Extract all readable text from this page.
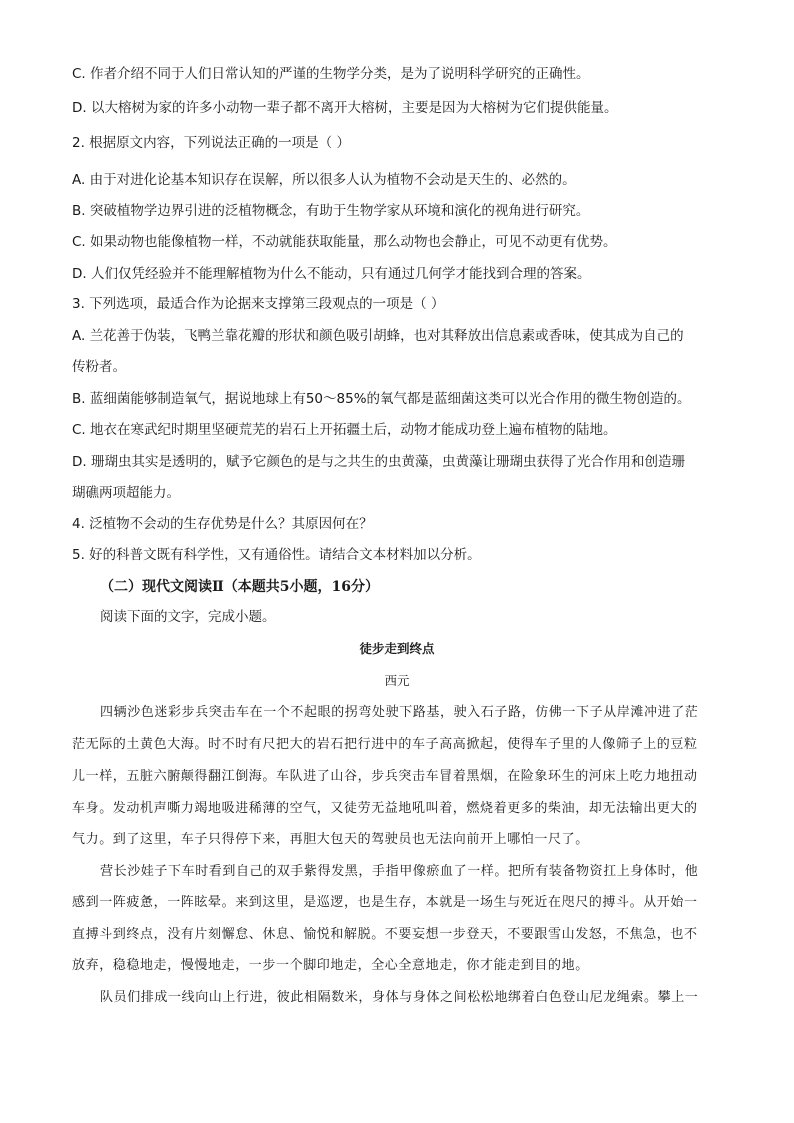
C. 作者介绍不同于人们日常认知的严谨的生物学分类，是为了说明科学研究的正确性。
D. 以大榕树为家的许多小动物一辈子都不离开大榕树，主要是因为大榕树为它们提供能量。
2. 根据原文内容，下列说法正确的一项是（ ）
A. 由于对进化论基本知识存在误解，所以很多人认为植物不会动是天生的、必然的。
B. 突破植物学边界引进的泛植物概念，有助于生物学家从环境和演化的视角进行研究。
C. 如果动物也能像植物一样，不动就能获取能量，那么动物也会静止，可见不动更有优势。
D. 人们仅凭经验并不能理解植物为什么不能动，只有通过几何学才能找到合理的答案。
3. 下列选项，最适合作为论据来支撑第三段观点的一项是（ ）
A. 兰花善于伪装，飞鸭兰靠花瓣的形状和颜色吸引胡蜂，也对其释放出信息素或香味，使其成为自己的
传粉者。
B. 蓝细菌能够制造氧气，据说地球上有50～85%的氧气都是蓝细菌这类可以光合作用的微生物创造的。
C. 地衣在寒武纪时期里坚硬荒芜的岩石上开拓疆土后，动物才能成功登上遍布植物的陆地。
D. 珊瑚虫其实是透明的，赋予它颜色的是与之共生的虫黄藻，虫黄藻让珊瑚虫获得了光合作用和创造珊
瑚礁两项超能力。
4. 泛植物不会动的生存优势是什么？其原因何在？
5. 好的科普文既有科学性，又有通俗性。请结合文本材料加以分析。
（二）现代文阅读Ⅱ（本题共5小题，16分）
阅读下面的文字，完成小题。
徒步走到终点
西元
四辆沙色迷彩步兵突击车在一个不起眼的拐弯处驶下路基，驶入石子路，仿佛一下子从岸滩冲进了茫
茫无际的土黄色大海。时不时有尺把大的岩石把行进中的车子高高掀起，使得车子里的人像筛子上的豆粒
儿一样，五脏六腑颠得翻江倒海。车队进了山谷，步兵突击车冒着黑烟，在险象环生的河床上吃力地扭动
车身。发动机声嘶力竭地吸进稀薄的空气，又徒劳无益地吼叫着，燃烧着更多的柴油，却无法输出更大的
气力。到了这里，车子只得停下来，再胆大包天的驾驶员也无法向前开上哪怕一尺了。
营长沙娃子下车时看到自己的双手紫得发黑，手指甲像瘀血了一样。把所有装备物资扛上身体时，他
感到一阵疲惫，一阵眩晕。来到这里，是巡逻，也是生存，本就是一场生与死近在咫尺的搏斗。从开始一
直搏斗到终点，没有片刻懈怠、休息、愉悦和解脱。不要妄想一步登天，不要跟雪山发怒，不焦急，也不
放弃，稳稳地走，慢慢地走，一步一个脚印地走，全心全意地走，你才能走到目的地。
队员们排成一线向山上行进，彼此相隔数米，身体与身体之间松松地绑着白色登山尼龙绳索。攀上一
